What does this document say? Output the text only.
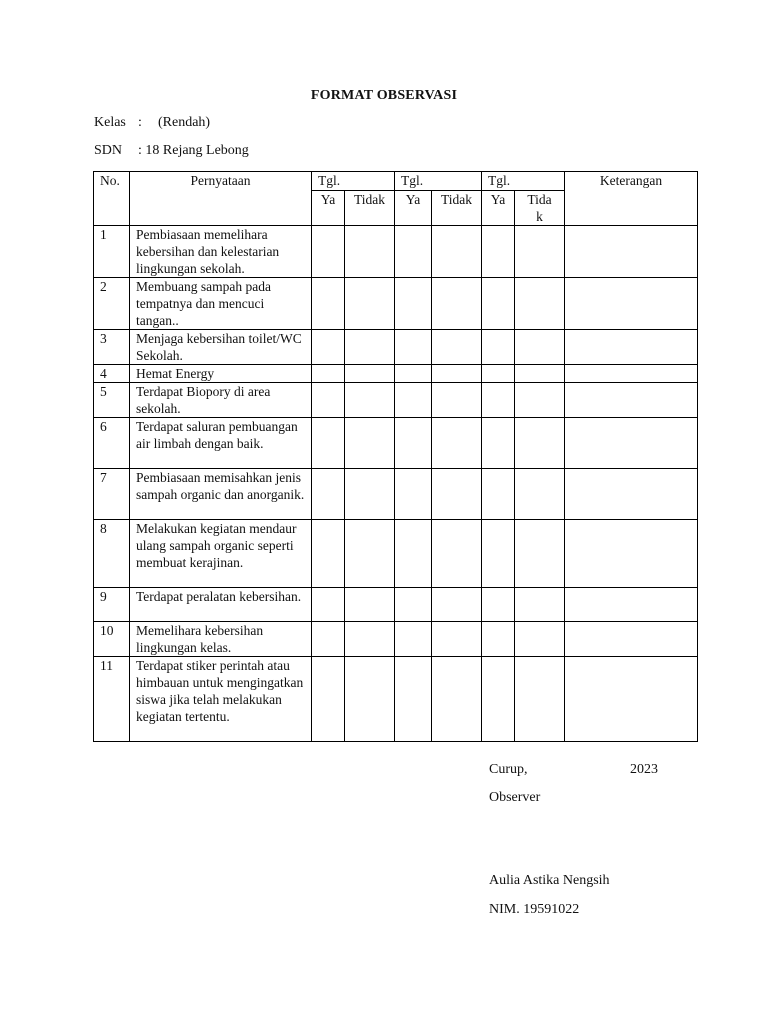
FORMAT OBSERVASI
Kelas : (Rendah)
SDN : 18 Rejang Lebong
No.	Pernyataan	Tgl.		Tgl.		Tgl.		Keterangan
		Ya	Tidak	Ya	Tidak	Ya	Tida
k	
1	Pembiasaan memelihara kebersihan dan kelestarian lingkungan sekolah.							
2	Membuang sampah pada tempatnya dan mencuci tangan..							
3	Menjaga kebersihan toilet/WC Sekolah.							
4	Hemat Energy							
5	Terdapat Biopory di area sekolah.							
6	Terdapat saluran pembuangan air limbah dengan baik.							
7	Pembiasaan memisahkan jenis sampah organic dan anorganik.							
8	Melakukan kegiatan mendaur ulang sampah organic seperti membuat kerajinan.							
9	Terdapat peralatan kebersihan.							
10	Memelihara kebersihan lingkungan kelas.							
11	Terdapat stiker perintah atau himbauan untuk mengingatkan siswa jika telah melakukan kegiatan tertentu.							
Curup,	2023
Observer
Aulia Astika Nengsih
NIM. 19591022
